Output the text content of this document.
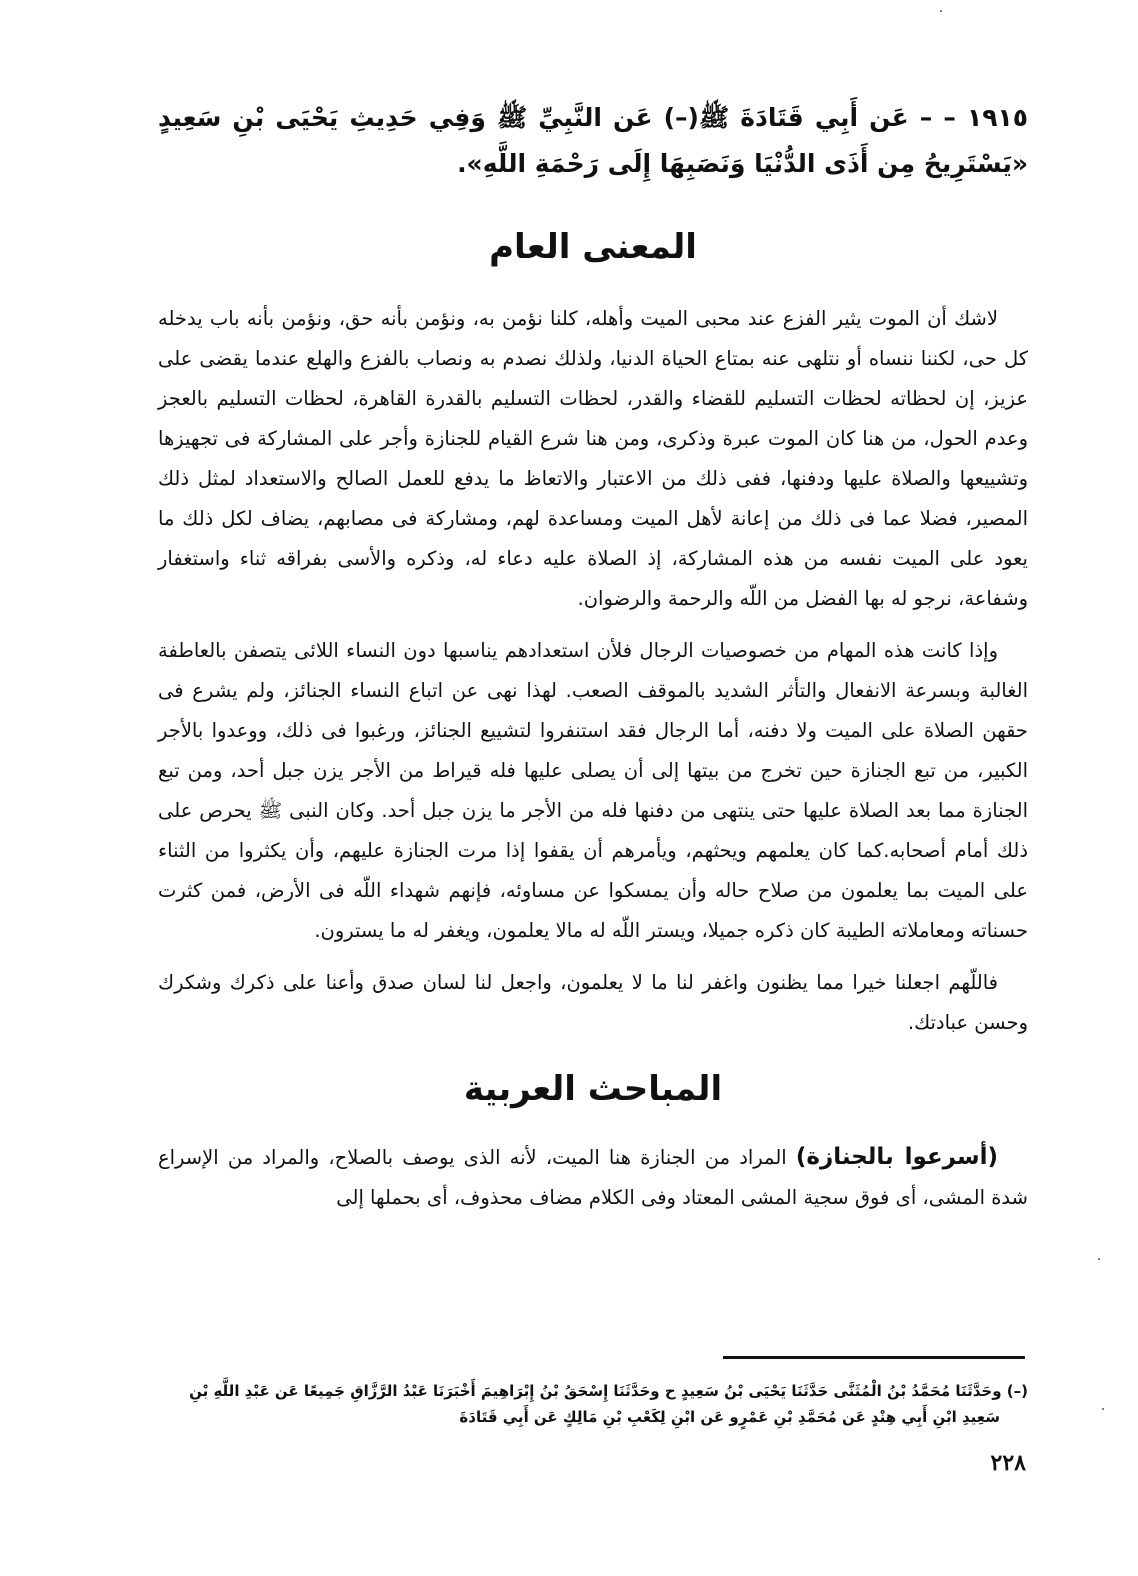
١٩١٥ – – عَن أَبِي قَتَادَةَ ﷺ(–) عَن النَّبِيِّ ﷺ وَفِي حَدِيثِ يَحْيَى بْنِ سَعِيدٍ «يَسْتَرِيحُ مِن أَذَى الدُّنْيَا وَنَصَبِهَا إِلَى رَحْمَةِ اللَّهِ».

المعنى العام

لاشك أن الموت يثير الفزع عند محبى الميت وأهله، كلنا نؤمن به، ونؤمن بأنه حق، ونؤمن بأنه باب يدخله كل حى، لكننا ننساه أو نتلهى عنه بمتاع الحياة الدنيا، ولذلك نصدم به ونصاب بالفزع والهلع عندما يقضى على عزيز، إن لحظاته لحظات التسليم للقضاء والقدر، لحظات التسليم بالقدرة القاهرة، لحظات التسليم بالعجز وعدم الحول، من هنا كان الموت عبرة وذكرى، ومن هنا شرع القيام للجنازة وأجر على المشاركة فى تجهيزها وتشييعها والصلاة عليها ودفنها، ففى ذلك من الاعتبار والاتعاظ ما يدفع للعمل الصالح والاستعداد لمثل ذلك المصير، فضلا عما فى ذلك من إعانة لأهل الميت ومساعدة لهم، ومشاركة فى مصابهم، يضاف لكل ذلك ما يعود على الميت نفسه من هذه المشاركة، إذ الصلاة عليه دعاء له، وذكره والأسى بفراقه ثناء واستغفار وشفاعة، نرجو له بها الفضل من اللّه والرحمة والرضوان.

وإذا كانت هذه المهام من خصوصيات الرجال فلأن استعدادهم يناسبها دون النساء اللائى يتصفن بالعاطفة الغالبة وبسرعة الانفعال والتأثر الشديد بالموقف الصعب. لهذا نهى عن اتباع النساء الجنائز، ولم يشرع فى حقهن الصلاة على الميت ولا دفنه، أما الرجال فقد استنفروا لتشييع الجنائز، ورغبوا فى ذلك، ووعدوا بالأجر الكبير، من تبع الجنازة حين تخرج من بيتها إلى أن يصلى عليها فله قيراط من الأجر يزن جبل أحد، ومن تبع الجنازة مما بعد الصلاة عليها حتى ينتهى من دفنها فله من الأجر ما يزن جبل أحد. وكان النبى ﷺ يحرص على ذلك أمام أصحابه.كما كان يعلمهم ويحثهم، ويأمرهم أن يقفوا إذا مرت الجنازة عليهم، وأن يكثروا من الثناء على الميت بما يعلمون من صلاح حاله وأن يمسكوا عن مساوئه، فإنهم شهداء اللّه فى الأرض، فمن كثرت حسناته ومعاملاته الطيبة كان ذكره جميلا، ويستر اللّه له مالا يعلمون، ويغفر له ما يسترون.

فاللّهم اجعلنا خيرا مما يظنون واغفر لنا ما لا يعلمون، واجعل لنا لسان صدق وأعنا على ذكرك وشكرك وحسن عبادتك.

المباحث العربية

(أسرعوا بالجنازة) المراد من الجنازة هنا الميت، لأنه الذى يوصف بالصلاح، والمراد من الإسراع شدة المشى، أى فوق سجية المشى المعتاد وفى الكلام مضاف محذوف، أى بحملها إلى

(–) وحَدَّثَنَا مُحَمَّدُ بْنُ الْمُثَنَّى حَدَّثَنَا يَحْيَى بْنُ سَعِيدٍ ح وحَدَّثَنَا إِسْحَقُ بْنُ إِبْرَاهِيمَ أَخْبَرَنَا عَبْدُ الرَّزَّاقِ جَمِيعًا عَن عَبْدِ اللَّهِ بْنِ
سَعِيدِ ابْنِ أَبِي هِنْدٍ عَن مُحَمَّدِ بْنِ عَمْرٍو عَن ابْنِ لِكَعْبِ بْنِ مَالِكٍ عَن أَبِي قَتَادَةَ
٢٢٨
